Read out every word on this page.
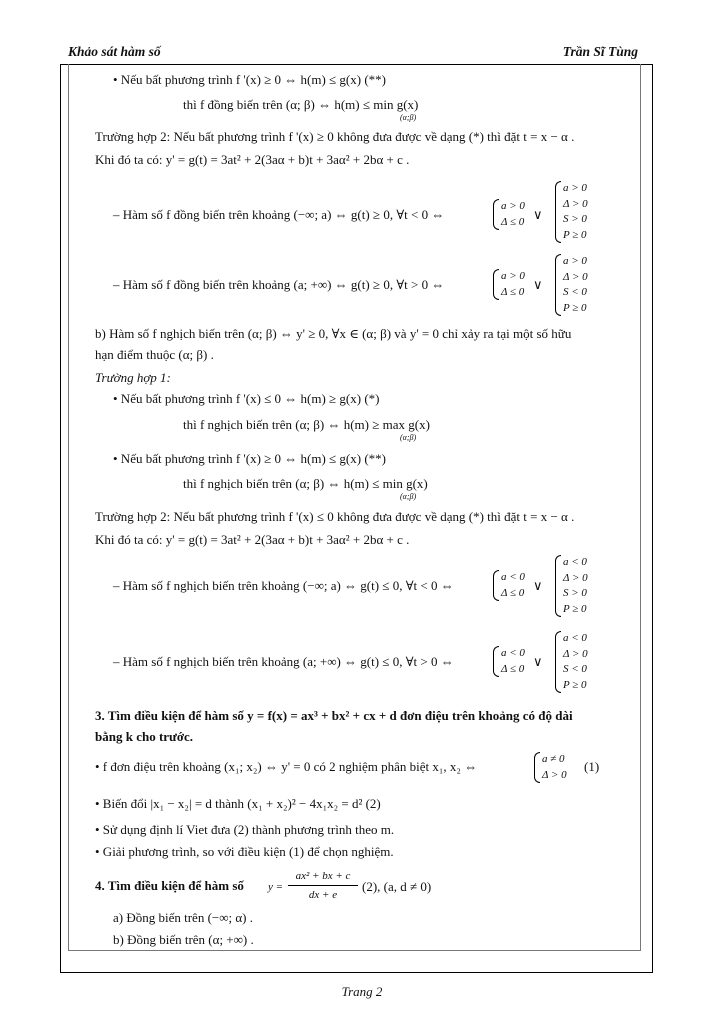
Khảo sát hàm số	Trần Sĩ Tùng
• Nếu bất phương trình f '(x) ≥ 0 ⇔ h(m) ≤ g(x) (**)
thì f đồng biến trên (α; β) ⇔ h(m) ≤ min g(x)
(α;β)
Trường hợp 2: Nếu bất phương trình f '(x) ≥ 0 không đưa được về dạng (*) thì đặt t = x − α .
Khi đó ta có: y' = g(t) = 3at² + 2(3aα + b)t + 3aα² + 2bα + c .
– Hàm số f đồng biến trên khoảng (−∞; a) ⇔ g(t) ≥ 0, ∀t < 0 ⇔
a > 0
Δ ≤ 0 ∨
a > 0
Δ > 0
S > 0
P ≥ 0
– Hàm số f đồng biến trên khoảng (a; +∞) ⇔ g(t) ≥ 0, ∀t > 0 ⇔
a > 0
Δ ≤ 0 ∨
a > 0
Δ > 0
S < 0
P ≥ 0
b) Hàm số f nghịch biến trên (α; β) ⇔ y' ≥ 0, ∀x ∈ (α; β) và y' = 0 chỉ xảy ra tại một số hữu
hạn điểm thuộc (α; β) .
Trường hợp 1:
• Nếu bất phương trình f '(x) ≤ 0 ⇔ h(m) ≥ g(x) (*)
thì f nghịch biến trên (α; β) ⇔ h(m) ≥ max g(x)
(α;β)
• Nếu bất phương trình f '(x) ≥ 0 ⇔ h(m) ≤ g(x) (**)
thì f nghịch biến trên (α; β) ⇔ h(m) ≤ min g(x)
(α;β)
Trường hợp 2: Nếu bất phương trình f '(x) ≤ 0 không đưa được về dạng (*) thì đặt t = x − α .
Khi đó ta có: y' = g(t) = 3at² + 2(3aα + b)t + 3aα² + 2bα + c .
– Hàm số f nghịch biến trên khoảng (−∞; a) ⇔ g(t) ≤ 0, ∀t < 0 ⇔
a < 0
Δ ≤ 0 ∨
a < 0
Δ > 0
S > 0
P ≥ 0
– Hàm số f nghịch biến trên khoảng (a; +∞) ⇔ g(t) ≤ 0, ∀t > 0 ⇔
a < 0
Δ ≤ 0 ∨
a < 0
Δ > 0
S < 0
P ≥ 0
3. Tìm điều kiện để hàm số y = f(x) = ax³ + bx² + cx + d đơn điệu trên khoảng có độ dài
bằng k cho trước.
• f đơn điệu trên khoảng (x₁; x₂) ⇔ y' = 0 có 2 nghiệm phân biệt x₁, x₂ ⇔	a ≠ 0
Δ > 0
(1)
• Biến đổi |x₁ − x₂| = d thành (x₁ + x₂)² − 4x₁x₂ = d² (2)
• Sử dụng định lí Viet đưa (2) thành phương trình theo m.
• Giải phương trình, so với điều kiện (1) để chọn nghiệm.
4. Tìm điều kiện để hàm số y =
ax² + bx + c
dx + e
(2), (a, d ≠ 0)
a) Đồng biến trên (−∞; α) .
b) Đồng biến trên (α; +∞) .
Trang 2
